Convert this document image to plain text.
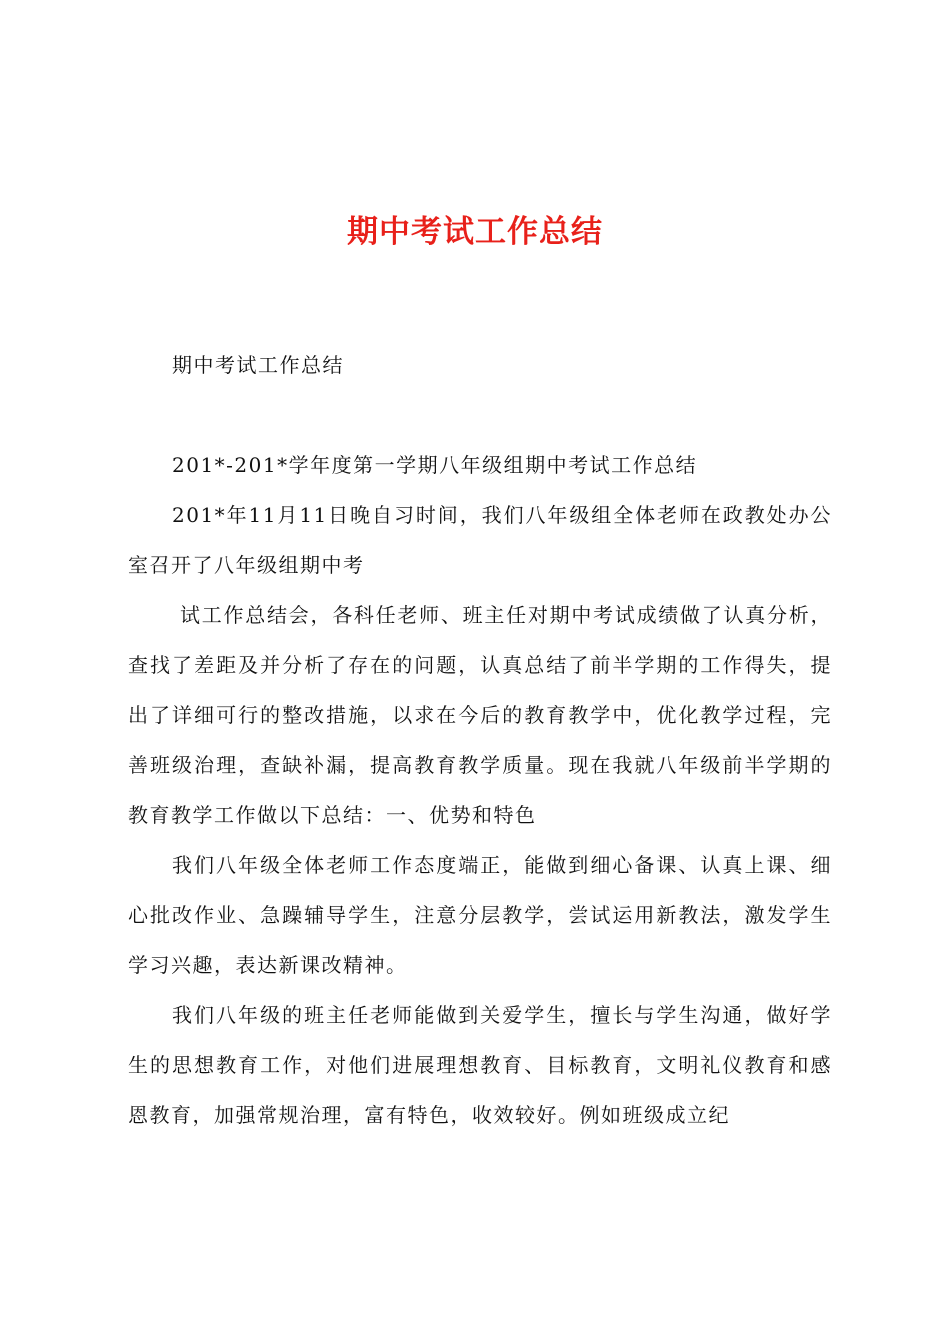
期中考试工作总结

期中考试工作总结

201*-201*学年度第一学期八年级组期中考试工作总结

201*年11月11日晚自习时间，我们八年级组全体老师在政教处办公室召开了八年级组期中考

试工作总结会，各科任老师、班主任对期中考试成绩做了认真分析，查找了差距及并分析了存在的问题，认真总结了前半学期的工作得失，提出了详细可行的整改措施，以求在今后的教育教学中，优化教学过程，完善班级治理，查缺补漏，提高教育教学质量。现在我就八年级前半学期的教育教学工作做以下总结：一、优势和特色

我们八年级全体老师工作态度端正，能做到细心备课、认真上课、细心批改作业、急躁辅导学生，注意分层教学，尝试运用新教法，激发学生学习兴趣，表达新课改精神。

我们八年级的班主任老师能做到关爱学生，擅长与学生沟通，做好学生的思想教育工作，对他们进展理想教育、目标教育，文明礼仪教育和感恩教育，加强常规治理，富有特色，收效较好。例如班级成立纪
